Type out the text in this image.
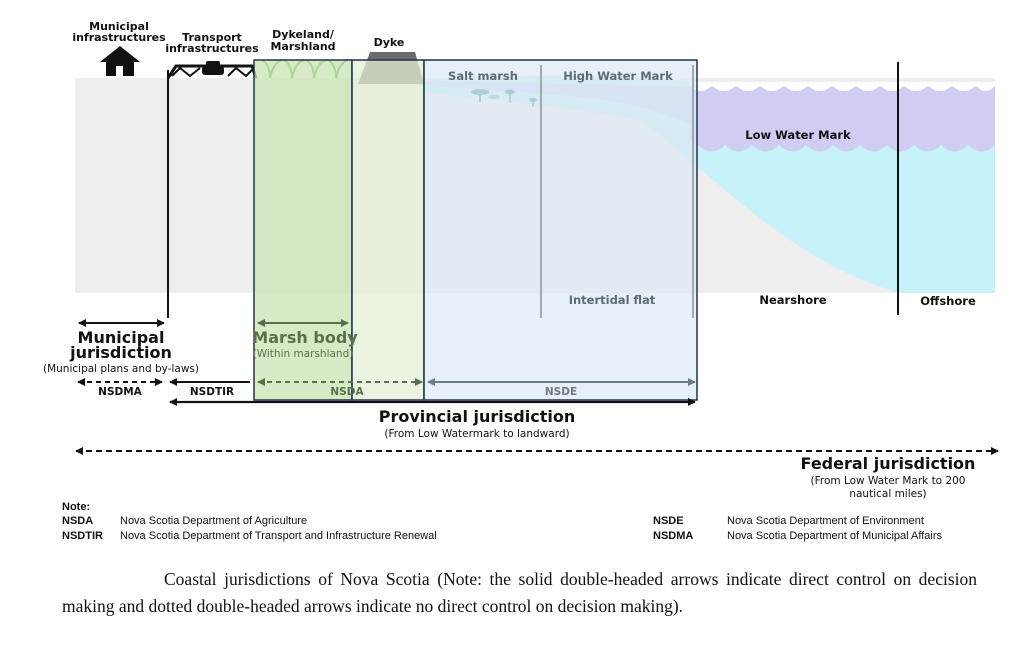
Municipal
infrastructures Transport
infrastructures
Dykeland/
Marshland	Dyke
Salt marsh	High Water Mark
Low Water Mark
Intertidal flat	Nearshore	Offshore
Municipal
jurisdiction
(Municipal plans and by-laws)
Marsh body
(Within marshland)
NSDMA	NSDTIR	NSDA	NSDE
Provincial jurisdiction
(From Low Watermark to landward)
Federal jurisdiction
(From Low Water Mark to 200
nautical miles)
Note:
NSDA Nova Scotia Department of Agriculture
NSDTIR Nova Scotia Department of Transport and Infrastructure Renewal
NSDE	Nova Scotia Department of Environment
NSDMA	Nova Scotia Department of Municipal Affairs
Coastal jurisdictions of Nova Scotia (Note: the solid double-headed arrows indicate direct control on decision making and dotted double-headed arrows indicate no direct control on decision making).
